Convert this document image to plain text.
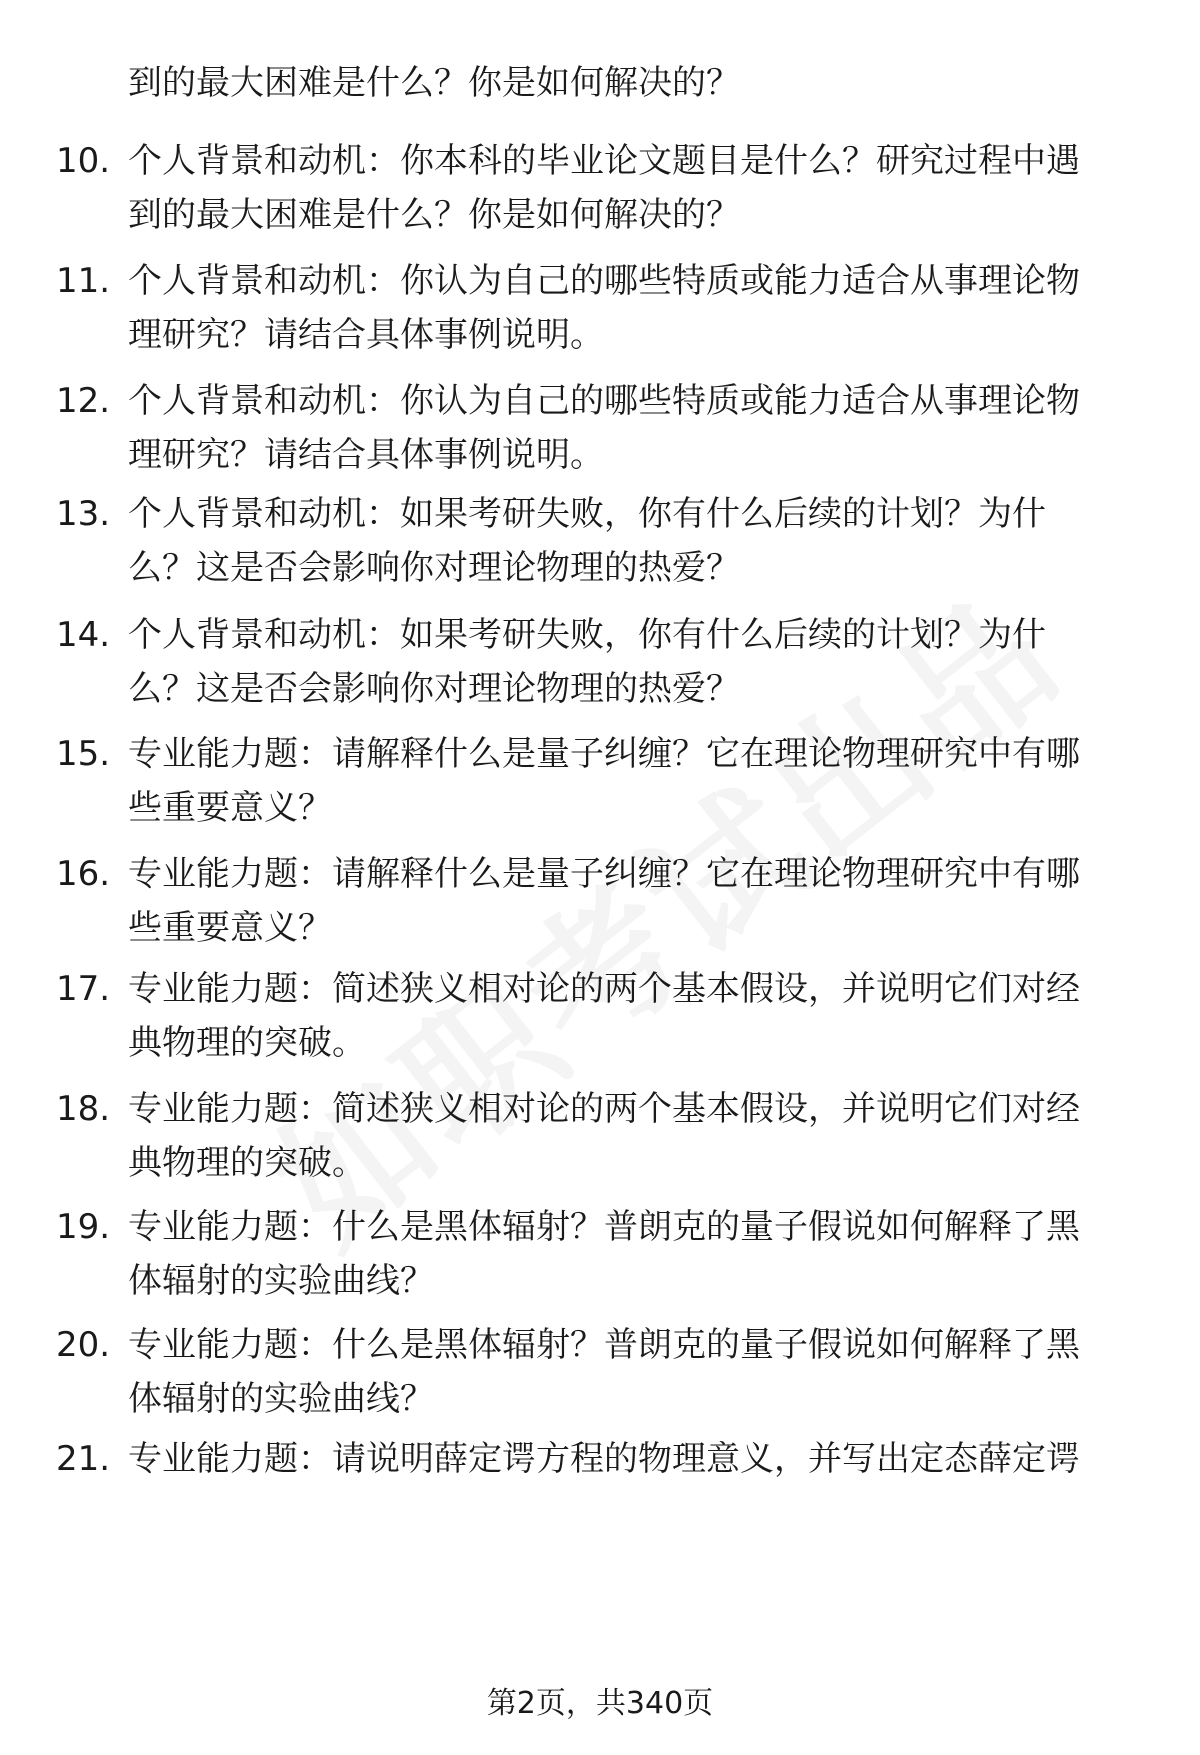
到的最大困难是什么？你是如何解决的？
10. 个人背景和动机：你本科的毕业论文题目是什么？研究过程中遇
到的最大困难是什么？你是如何解决的？
11. 个人背景和动机：你认为自己的哪些特质或能力适合从事理论物
理研究？请结合具体事例说明。
12. 个人背景和动机：你认为自己的哪些特质或能力适合从事理论物
理研究？请结合具体事例说明。
13. 个人背景和动机：如果考研失败，你有什么后续的计划？为什
么？这是否会影响你对理论物理的热爱？
14. 个人背景和动机：如果考研失败，你有什么后续的计划？为什
么？这是否会影响你对理论物理的热爱？
15. 专业能力题：请解释什么是量子纠缠？它在理论物理研究中有哪
些重要意义？
16. 专业能力题：请解释什么是量子纠缠？它在理论物理研究中有哪
些重要意义？
17. 专业能力题：简述狭义相对论的两个基本假设，并说明它们对经
典物理的突破。
18. 专业能力题：简述狭义相对论的两个基本假设，并说明它们对经
典物理的突破。
19. 专业能力题：什么是黑体辐射？普朗克的量子假说如何解释了黑
体辐射的实验曲线？
20. 专业能力题：什么是黑体辐射？普朗克的量子假说如何解释了黑
体辐射的实验曲线？
21. 专业能力题：请说明薛定谔方程的物理意义，并写出定态薛定谔
第2页，共340页
